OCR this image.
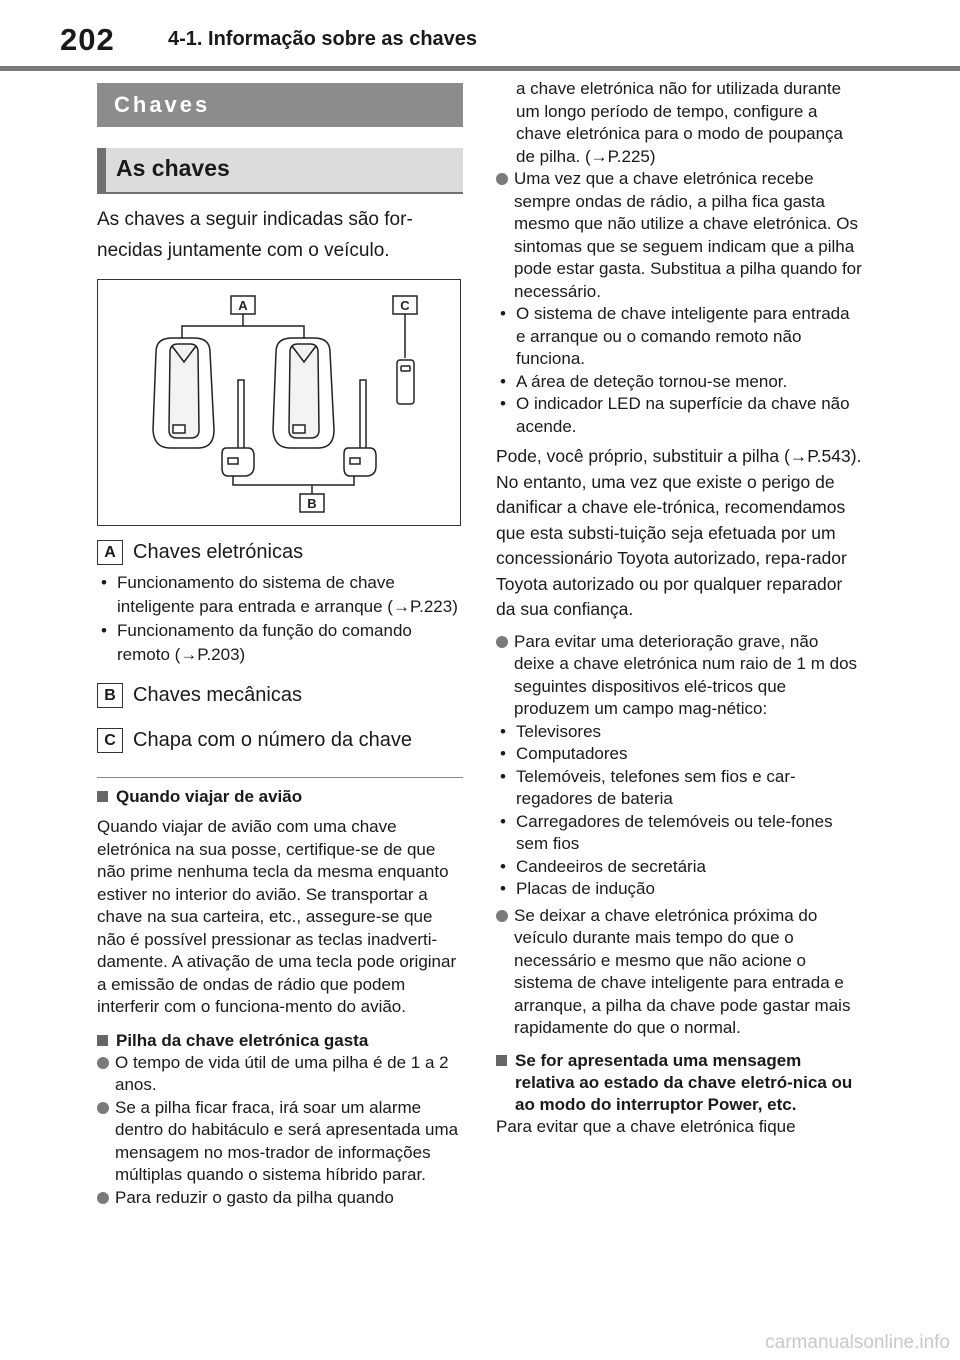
202	4-1. Informação sobre as chaves
Chaves
As chaves
As chaves a seguir indicadas são for-necidas juntamente com o veículo.
A	C
B
A Chaves eletrónicas
• Funcionamento do sistema de chave inteligente para entrada e arranque (→P.223)
• Funcionamento da função do comando remoto (→P.203)
B Chaves mecânicas
C Chapa com o número da chave
Quando viajar de avião
Quando viajar de avião com uma chave eletrónica na sua posse, certifique-se de que não prime nenhuma tecla da mesma enquanto estiver no interior do avião. Se transportar a chave na sua carteira, etc., assegure-se que não é possível pressionar as teclas inadverti-damente. A ativação de uma tecla pode originar a emissão de ondas de rádio que podem interferir com o funciona-mento do avião.
Pilha da chave eletrónica gasta
O tempo de vida útil de uma pilha é de 1 a 2 anos.
Se a pilha ficar fraca, irá soar um alarme dentro do habitáculo e será apresentada uma mensagem no mos-trador de informações múltiplas quando o sistema híbrido parar.
Para reduzir o gasto da pilha quando
a chave eletrónica não for utilizada durante um longo período de tempo, configure a chave eletrónica para o modo de poupança de pilha. (→P.225)
Uma vez que a chave eletrónica recebe sempre ondas de rádio, a pilha fica gasta mesmo que não utilize a chave eletrónica. Os sintomas que se seguem indicam que a pilha pode estar gasta. Substitua a pilha quando for necessário.
• O sistema de chave inteligente para entrada e arranque ou o comando remoto não funciona.
• A área de deteção tornou-se menor.
• O indicador LED na superfície da chave não acende.
Pode, você próprio, substituir a pilha (→P.543). No entanto, uma vez que existe o perigo de danificar a chave ele-trónica, recomendamos que esta substi-tuição seja efetuada por um concessionário Toyota autorizado, repa-rador Toyota autorizado ou por qualquer reparador da sua confiança.
Para evitar uma deterioração grave, não deixe a chave eletrónica num raio de 1 m dos seguintes dispositivos elé-tricos que produzem um campo mag-nético:
• Televisores
• Computadores
• Telemóveis, telefones sem fios e car-regadores de bateria
• Carregadores de telemóveis ou tele-fones sem fios
• Candeeiros de secretária
• Placas de indução
Se deixar a chave eletrónica próxima do veículo durante mais tempo do que o necessário e mesmo que não acione o sistema de chave inteligente para entrada e arranque, a pilha da chave pode gastar mais rapidamente do que o normal.
Se for apresentada uma mensagem relativa ao estado da chave eletró-nica ou ao modo do interruptor Power, etc.
Para evitar que a chave eletrónica fique
carmanualsonline.info
